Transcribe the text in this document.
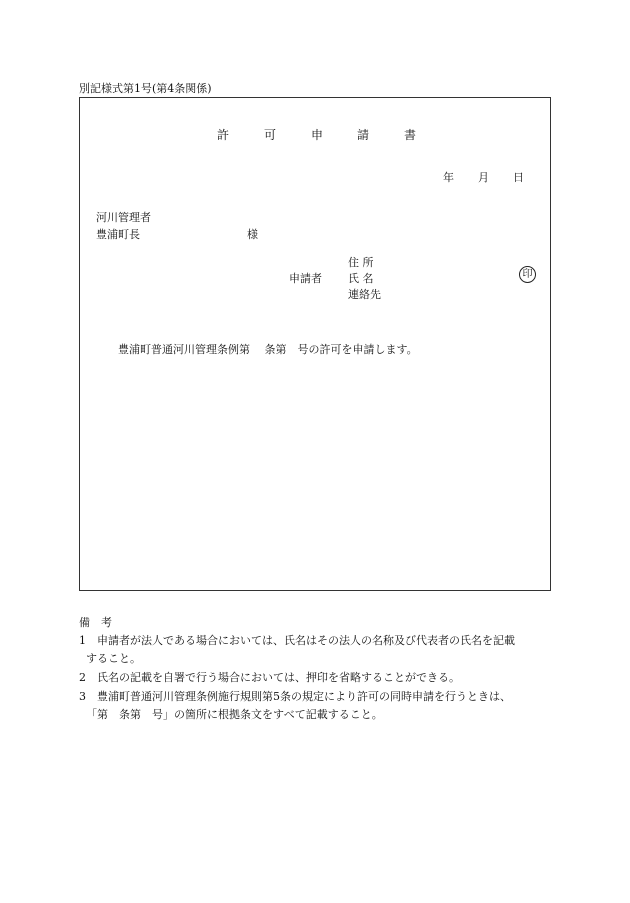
別記様式第1号(第4条関係)
許	可	申	請	書
年 月 日
河川管理者
豊浦町長	様
申請者
住 所
氏 名
連絡先
印
豊浦町普通河川管理条例第　 条第　号の許可を申請します。
備　考
1　申請者が法人である場合においては、氏名はその法人の名称及び代表者の氏名を記載
すること。
2　氏名の記載を自署で行う場合においては、押印を省略することができる。
3　豊浦町普通河川管理条例施行規則第5条の規定により許可の同時申請を行うときは、
「第　条第　号」の箇所に根拠条文をすべて記載すること。
